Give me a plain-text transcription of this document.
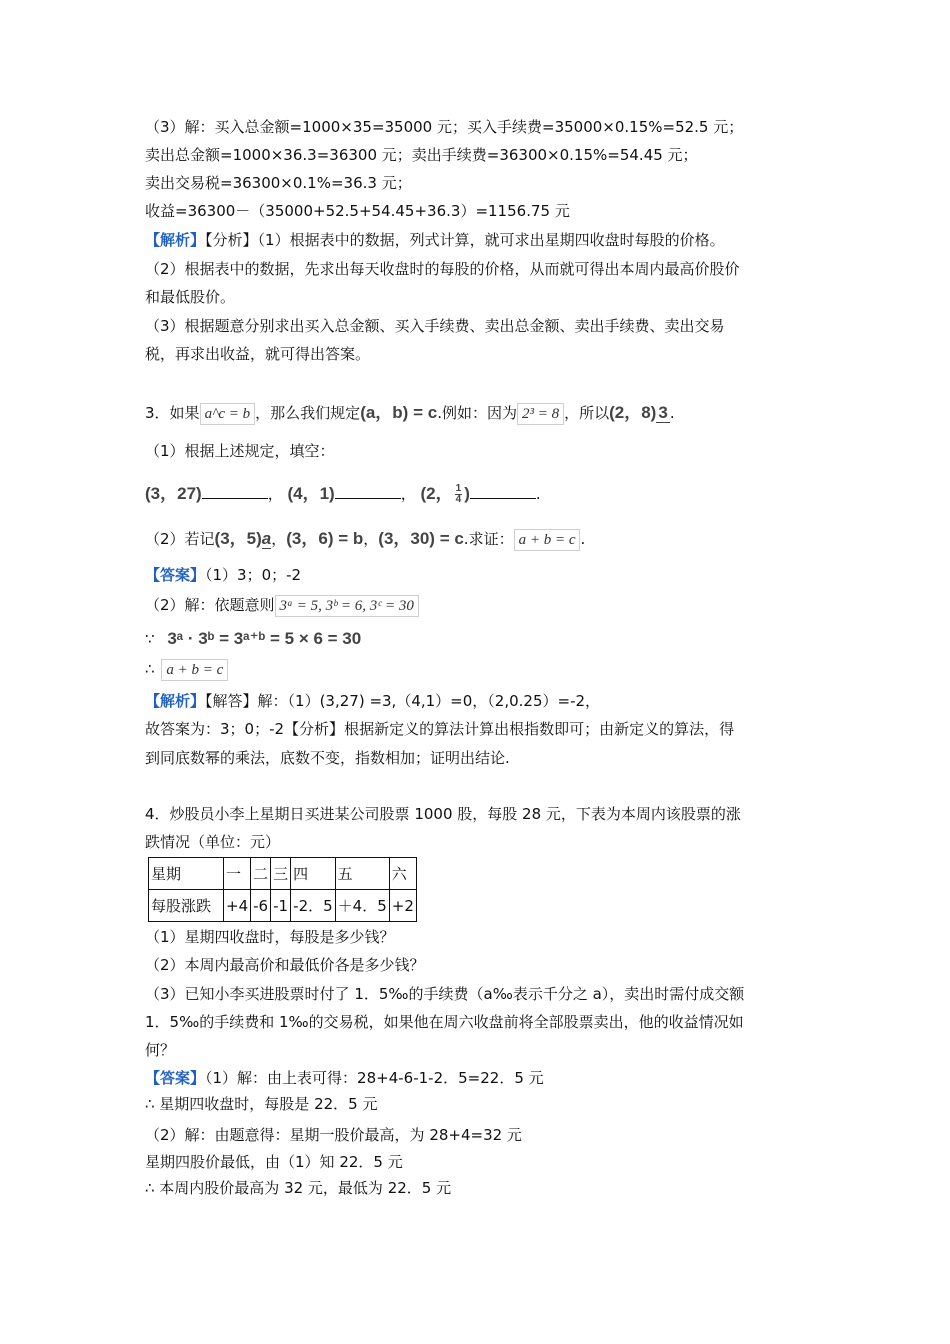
（3）解：买入总金额=1000×35=35000 元；买入手续费=35000×0.15%=52.5 元；
卖出总金额=1000×36.3=36300 元；卖出手续费=36300×0.15%=54.45 元；
卖出交易税=36300×0.1%=36.3 元；
收益=36300－（35000+52.5+54.45+36.3）=1156.75 元
【解析】【分析】（1）根据表中的数据，列式计算，就可求出星期四收盘时每股的价格。
（2）根据表中的数据，先求出每天收盘时的每股的价格，从而就可得出本周内最高价股价
和最低股价。
（3）根据题意分别求出买入总金额、买入手续费、卖出总金额、卖出手续费、卖出交易
税，再求出收益，就可得出答案。
3．如果 a^c = b ，那么我们规定(a，b) = c.例如：因为 2³ = 8 ，所以(2，8) 3 .
（1）根据上述规定，填空：
(3，27)	， (4，1)	， (2， $\frac{1}{4}$ )	.
（2）若记(3，5)a，(3，6) = b，(3，30) = c.求证： a + b = c .
【答案】（1）3；0；-2
（2）解：依题意则 3ᵃ = 5, 3ᵇ = 6, 3ᶜ = 30
∵ 3ᵃ · 3ᵇ = 3ᵃ⁺ᵇ = 5 × 6 = 30
∴ a + b = c
【解析】【解答】解：（1）(3,27) =3,（4,1）=0，（2,0.25）=-2，
故答案为：3；0；-2【分析】根据新定义的算法计算出根指数即可；由新定义的算法，得
到同底数幂的乘法，底数不变，指数相加；证明出结论.
4．炒股员小李上星期日买进某公司股票 1000 股，每股 28 元，下表为本周内该股票的涨
跌情况（单位：元）
星期	一	二	三	四	五	六
每股涨跌	+4	-6	-1	-2．5	＋4．5	+2
（1）星期四收盘时，每股是多少钱？
（2）本周内最高价和最低价各是多少钱？
（3）已知小李买进股票时付了 1．5‰的手续费（a‰表示千分之 a），卖出时需付成交额
1．5‰的手续费和 1‰的交易税，如果他在周六收盘前将全部股票卖出，他的收益情况如
何？
【答案】（1）解：由上表可得：28+4-6-1-2．5=22．5 元
∴ 星期四收盘时，每股是 22．5 元
（2）解：由题意得：星期一股价最高，为 28+4=32 元
星期四股价最低，由（1）知 22．5 元
∴ 本周内股价最高为 32 元，最低为 22．5 元
